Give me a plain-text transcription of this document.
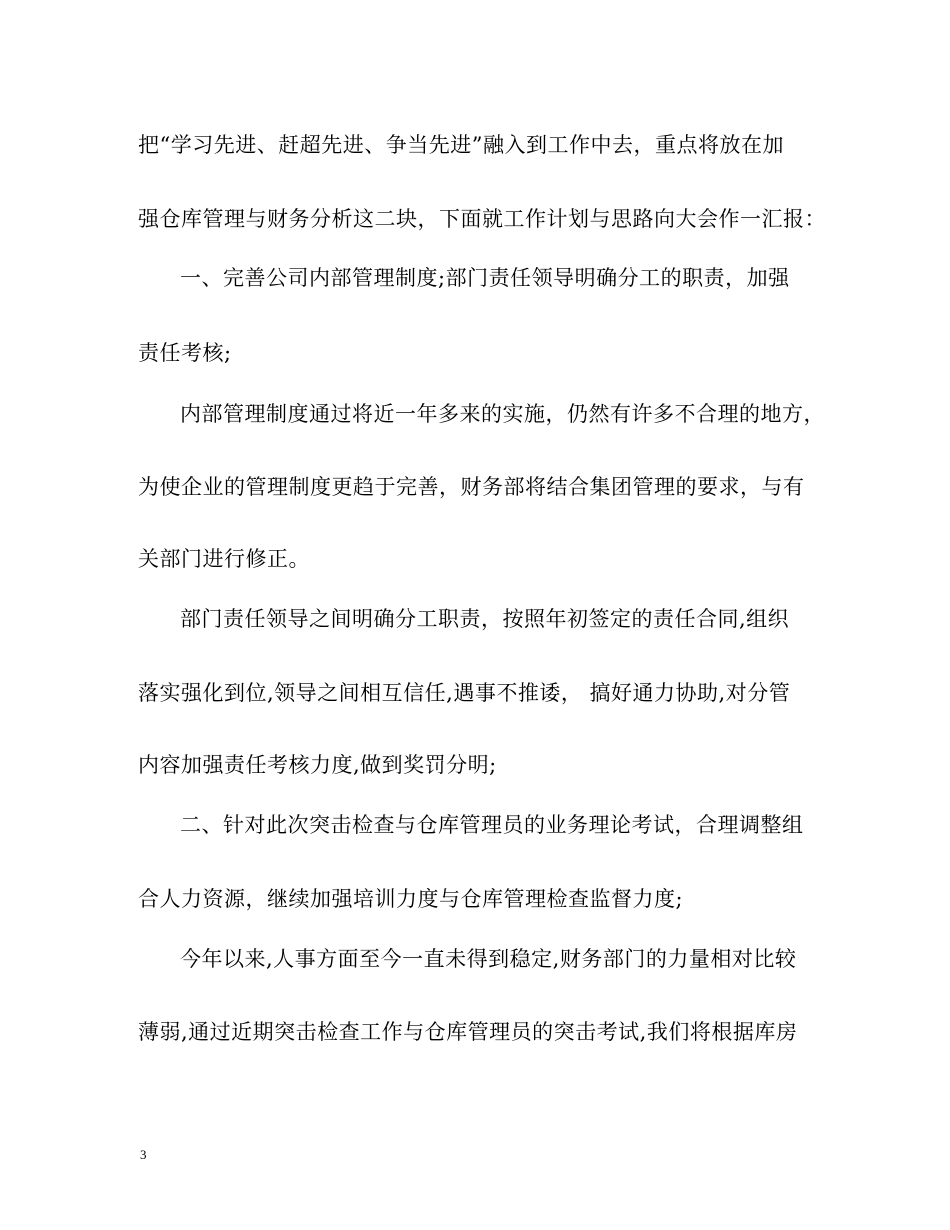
把“学习先进、赶超先进、争当先进”融入到工作中去，重点将放在加
强仓库管理与财务分析这二块，下面就工作计划与思路向大会作一汇报：
一、完善公司内部管理制度;部门责任领导明确分工的职责，加强
责任考核;
内部管理制度通过将近一年多来的实施，仍然有许多不合理的地方，
为使企业的管理制度更趋于完善，财务部将结合集团管理的要求，与有
关部门进行修正。
部门责任领导之间明确分工职责，按照年初签定的责任合同,组织
落实强化到位,领导之间相互信任,遇事不推诿， 搞好通力协助,对分管
内容加强责任考核力度,做到奖罚分明;
二、针对此次突击检查与仓库管理员的业务理论考试，合理调整组
合人力资源，继续加强培训力度与仓库管理检查监督力度;
今年以来,人事方面至今一直未得到稳定,财务部门的力量相对比较
薄弱,通过近期突击检查工作与仓库管理员的突击考试,我们将根据库房
3
